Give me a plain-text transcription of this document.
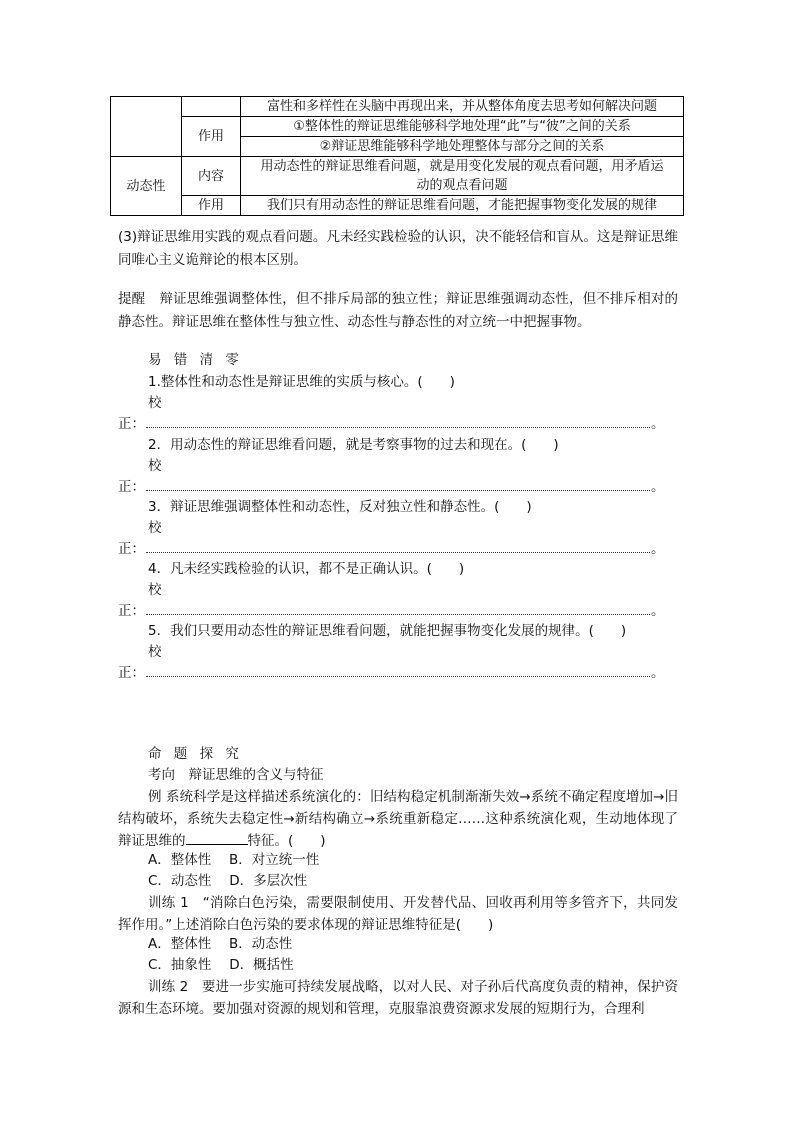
		富性和多样性在头脑中再现出来，并从整体角度去思考如何解决问题
	作用	①整体性的辩证思维能够科学地处理“此”与“彼”之间的关系
		②辩证思维能够科学地处理整体与部分之间的关系
动态性	内容	用动态性的辩证思维看问题，就是用变化发展的观点看问题，用矛盾运
动的观点看问题

	作用	我们只有用动态性的辩证思维看问题，才能把握事物变化发展的规律
(3)辩证思维用实践的观点看问题。凡未经实践检验的认识，决不能轻信和盲从。这是辩证思维同唯心主义诡辩论的根本区别。
提醒 辩证思维强调整体性，但不排斥局部的独立性；辩证思维强调动态性，但不排斥相对的静态性。辩证思维在整体性与独立性、动态性与静态性的对立统一中把握事物。
易 错 清 零
1.整体性和动态性是辩证思维的实质与核心。(　　)
校
正：	。
2．用动态性的辩证思维看问题，就是考察事物的过去和现在。(　　)
校
正：	。
3．辩证思维强调整体性和动态性，反对独立性和静态性。(　　)
校
正：	。
4．凡未经实践检验的认识，都不是正确认识。(　　)
校
正：	。
5．我们只要用动态性的辩证思维看问题，就能把握事物变化发展的规律。(　　)
校
正：	。
命 题 探 究
考向　辩证思维的含义与特征
例 系统科学是这样描述系统演化的：旧结构稳定机制渐渐失效→系统不确定程度增加→旧结构破坏，系统失去稳定性→新结构确立→系统重新稳定……这种系统演化观，生动地体现了辩证思维的	特征。(　　)
A．整体性　 B．对立统一性
C．动态性　 D．多层次性
训练 1　“消除白色污染，需要限制使用、开发替代品、回收再利用等多管齐下，共同发挥作用。”上述消除白色污染的要求体现的辩证思维特征是(　　)
A．整体性　 B．动态性
C．抽象性　 D．概括性
训练 2　要进一步实施可持续发展战略，以对人民、对子孙后代高度负责的精神，保护资源和生态环境。要加强对资源的规划和管理，克服靠浪费资源求发展的短期行为，合理利
